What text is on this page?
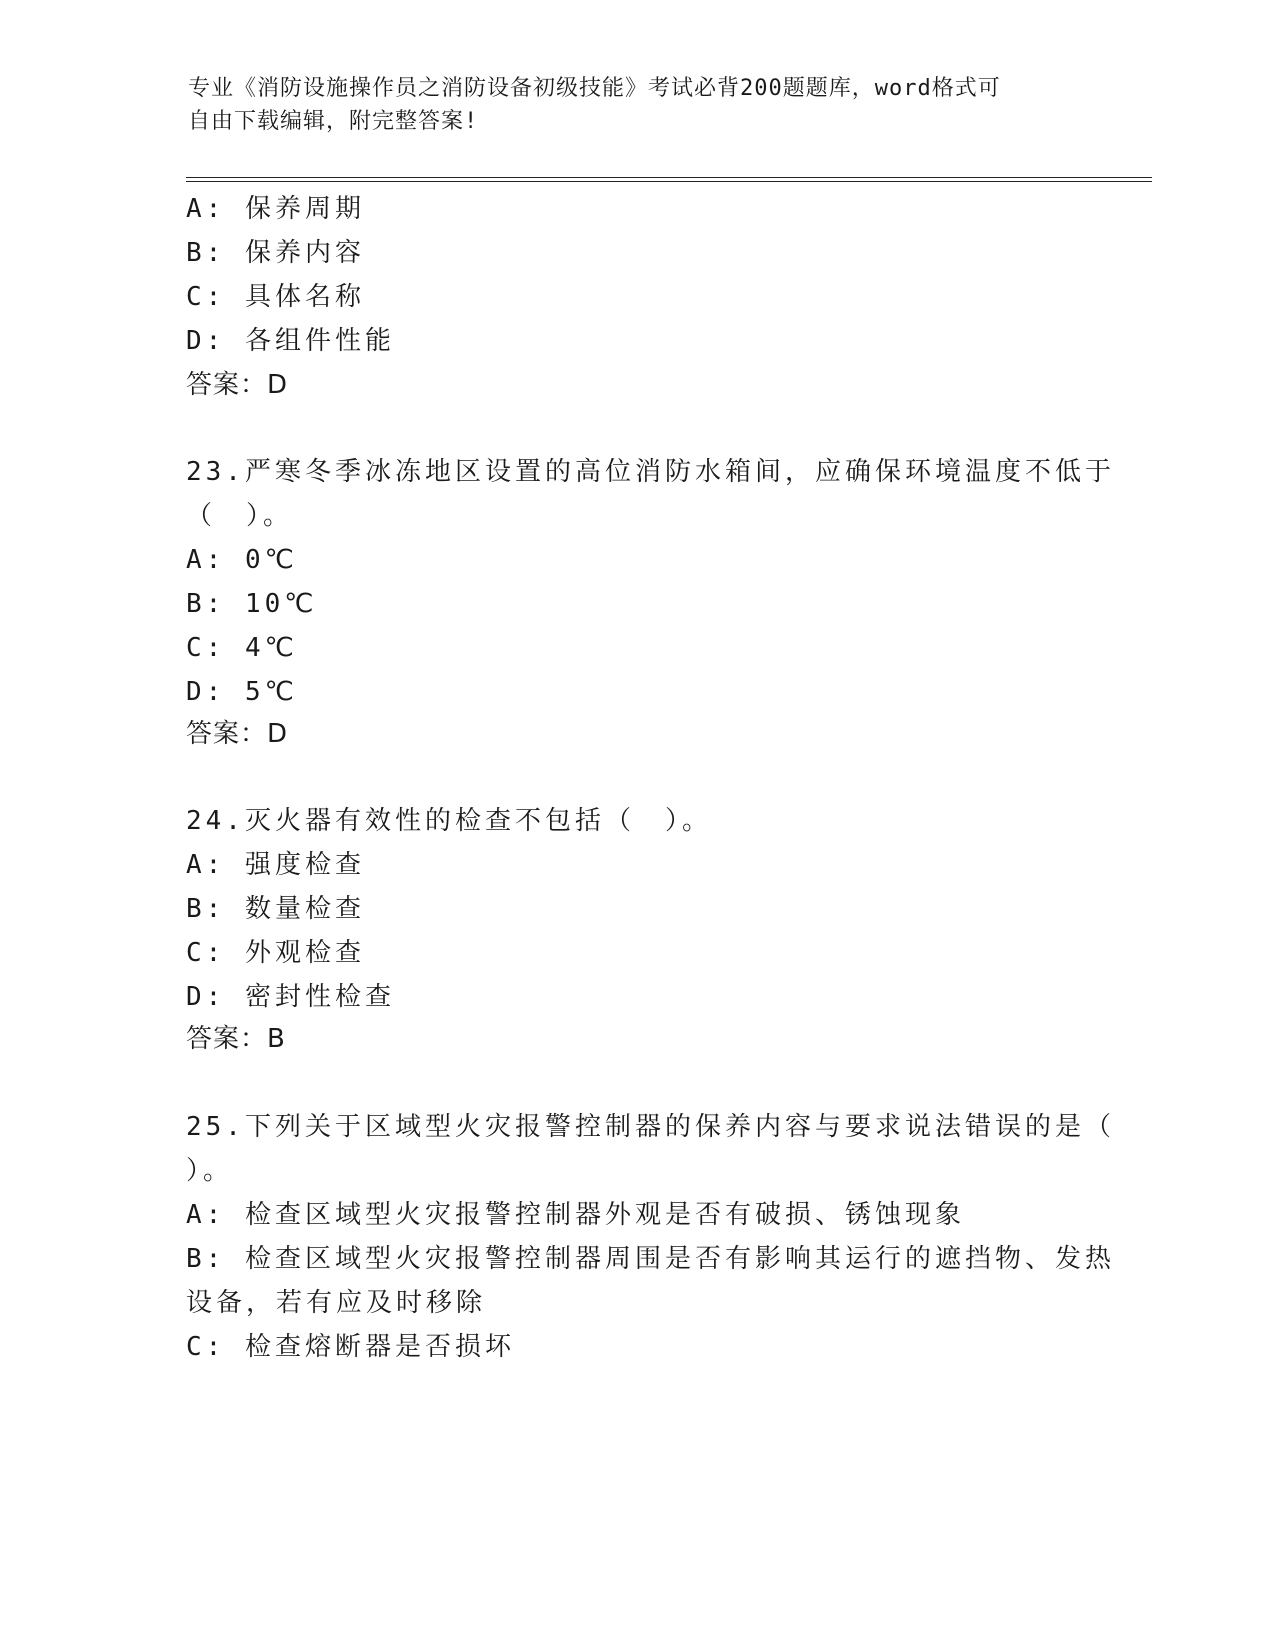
专业《消防设施操作员之消防设备初级技能》考试必背200题题库，word格式可
自由下载编辑，附完整答案!
A: 保养周期
B: 保养内容
C: 具体名称
D: 各组件性能
答案：D
23.严寒冬季冰冻地区设置的高位消防水箱间，应确保环境温度不低于
（　）。
A: 0℃
B: 10℃
C: 4℃
D: 5℃
答案：D
24.灭火器有效性的检查不包括（　）。
A: 强度检查
B: 数量检查
C: 外观检查
D: 密封性检查
答案：B
25.下列关于区域型火灾报警控制器的保养内容与要求说法错误的是（
）。
A: 检查区域型火灾报警控制器外观是否有破损、锈蚀现象
B: 检查区域型火灾报警控制器周围是否有影响其运行的遮挡物、发热
设备，若有应及时移除
C: 检查熔断器是否损坏
